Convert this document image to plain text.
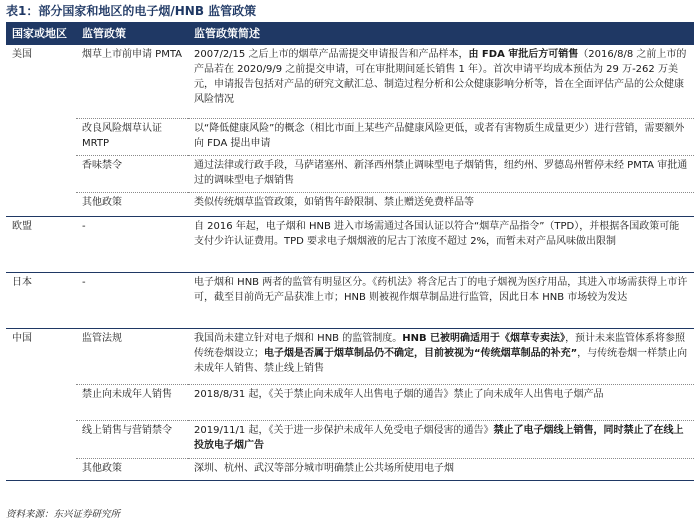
表1：部分国家和地区的电子烟/HNB 监管政策
国家或地区	监管政策	监管政策简述
美国	烟草上市前申请 PMTA	2007/2/15 之后上市的烟草产品需提交申请报告和产品样本，由 FDA 审批后方可销售（2016/8/8 之前上市的产品若在 2020/9/9 之前提交申请，可在审批期间延长销售 1 年）。首次申请平均成本预估为 29 万-262 万美元，申请报告包括对产品的研究文献汇总、制造过程分析和公众健康影响分析等，旨在全面评估产品的公众健康风险情况
	改良风险烟草认证 MRTP	以“降低健康风险”的概念（相比市面上某些产品健康风险更低，或者有害物质生成量更少）进行营销，需要额外向 FDA 提出申请
	香味禁令	通过法律或行政手段，马萨诸塞州、新泽西州禁止调味型电子烟销售，纽约州、罗德岛州暂停未经 PMTA 审批通过的调味型电子烟销售
	其他政策	类似传统烟草监管政策，如销售年龄限制、禁止赠送免费样品等
欧盟	-	自 2016 年起，电子烟和 HNB 进入市场需通过各国认证以符合“烟草产品指令”（TPD），并根据各国政策可能支付少许认证费用。TPD 要求电子烟烟液的尼古丁浓度不超过 2%，而暂未对产品风味做出限制
日本	-	电子烟和 HNB 两者的监管有明显区分。《药机法》将含尼古丁的电子烟视为医疗用品，其进入市场需获得上市许可，截至目前尚无产品获准上市；HNB 则被视作烟草制品进行监管，因此日本 HNB 市场较为发达
中国	监管法规	我国尚未建立针对电子烟和 HNB 的监管制度。HNB 已被明确适用于《烟草专卖法》，预计未来监管体系将参照传统卷烟设立；电子烟是否属于烟草制品仍不确定，目前被视为“传统烟草制品的补充”，与传统卷烟一样禁止向未成年人销售、禁止线上销售
	禁止向未成年人销售	2018/8/31 起，《关于禁止向未成年人出售电子烟的通告》禁止了向未成年人出售电子烟产品
	线上销售与营销禁令	2019/11/1 起，《关于进一步保护未成年人免受电子烟侵害的通告》禁止了电子烟线上销售，同时禁止了在线上投放电子烟广告
	其他政策	深圳、杭州、武汉等部分城市明确禁止公共场所使用电子烟
资料来源：东兴证券研究所
